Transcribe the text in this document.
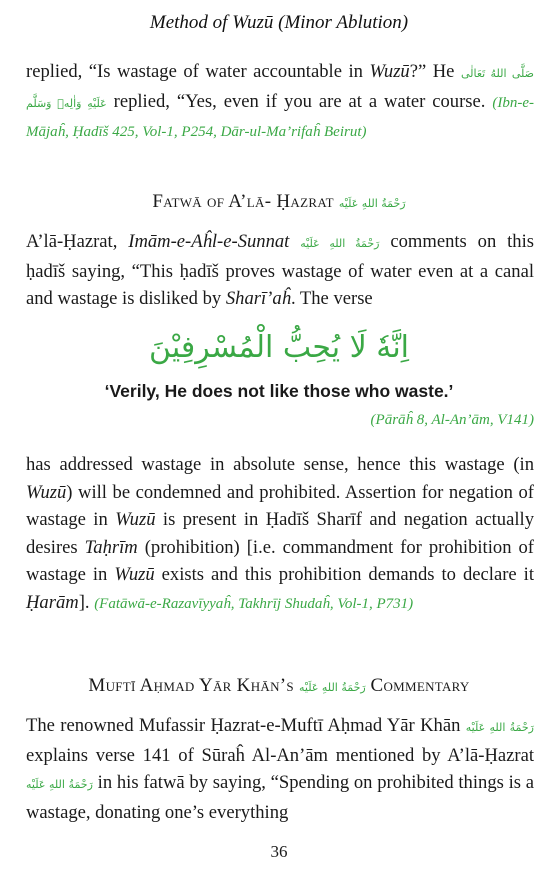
Method of Wuzū (Minor Ablution)

replied, “Is wastage of water accountable in Wuzū?” He صَلَّى اللهُ تَعَالٰى عَلَيْهِ وَاٰلِهٖ وَسَلَّم replied, “Yes, even if you are at a water course. (Ibn-e-Mājaĥ, Ḥadīš 425, Vol-1, P254, Dār-ul-Ma’rifaĥ Beirut)

Fatwā of A’lā- Ḥazrat رَحْمَةُ اللهِ عَلَيْه

A’lā-Ḥazrat, Imām-e-Aĥl-e-Sunnat رَحْمَةُ اللهِ عَلَيْه comments on this ḥadīš saying, “This ḥadīš proves wastage of water even at a canal and wastage is disliked by Sharī’aĥ. The verse

اِنَّهٗ لَا يُحِبُّ الْمُسْرِفِيْنَ
‘Verily, He does not like those who waste.’
(Pārāĥ 8, Al-An’ām, V141)

has addressed wastage in absolute sense, hence this wastage (in Wuzū) will be condemned and prohibited. Assertion for negation of wastage in Wuzū is present in Ḥadīš Sharīf and negation actually desires Taḥrīm (prohibition) [i.e. commandment for prohibition of wastage in Wuzū exists and this prohibition demands to declare it Ḥarām]. (Fatāwā-e-Razavīyyaĥ, Takhrīj Shudaĥ, Vol-1, P731)

Muftī Aḥmad Yār Khān’s رَحْمَةُ اللهِ عَلَيْه Commentary

The renowned Mufassir Ḥazrat-e-Muftī Aḥmad Yār Khān رَحْمَةُ اللهِ عَلَيْه explains verse 141 of Sūraĥ Al-An’ām mentioned by A’lā-Ḥazrat رَحْمَةُ اللهِ عَلَيْه in his fatwā by saying, “Spending on prohibited things is a wastage, donating one’s everything

36
